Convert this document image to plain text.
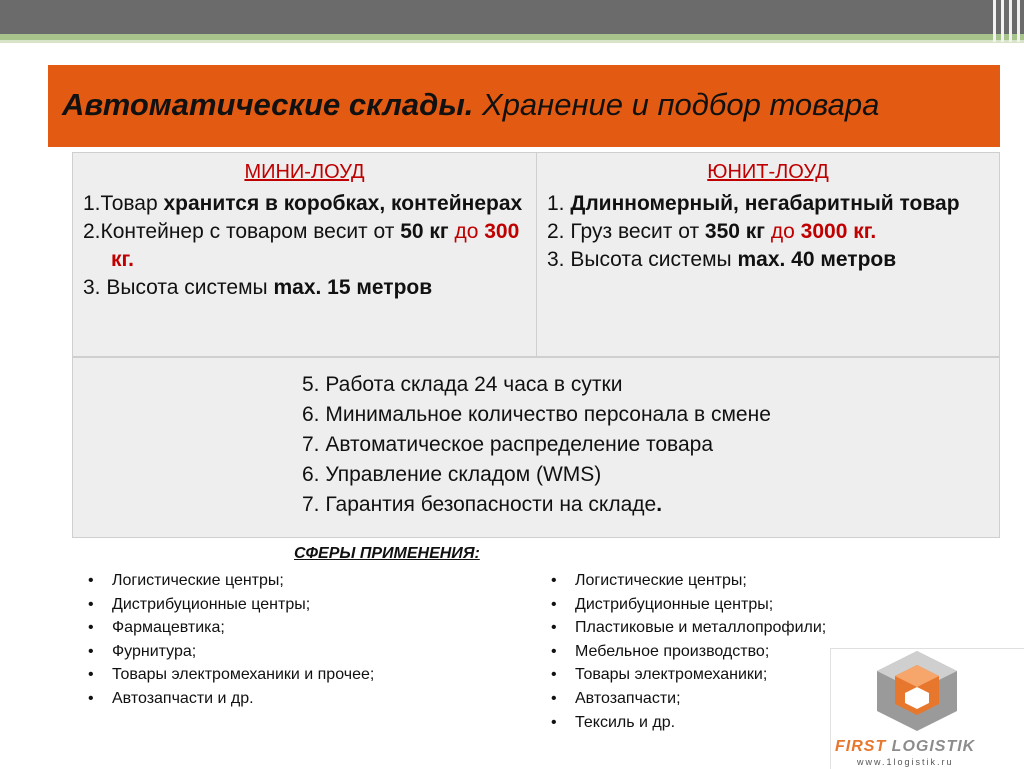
Автоматические склады. Хранение и подбор товара
МИНИ-ЛОУД
1.Товар хранится в коробках, контейнерах
2.Контейнер с товаром весит от 50 кг до 300 кг.
3. Высота системы max. 15 метров
ЮНИТ-ЛОУД
1. Длинномерный, негабаритный товар
2. Груз весит от 350 кг до 3000 кг.
3. Высота системы max. 40 метров
5. Работа склада 24 часа в сутки
6. Минимальное количество персонала в смене
7. Автоматическое распределение товара
6. Управление складом (WMS)
7. Гарантия безопасности на складе.
СФЕРЫ ПРИМЕНЕНИЯ:
• Логистические центры;
• Дистрибуционные центры;
• Фармацевтика;
• Фурнитура;
• Товары электромеханики и прочее;
• Автозапчасти и др.
• Логистические центры;
• Дистрибуционные центры;
• Пластиковые и металлопрофили;
• Мебельное производство;
• Товары электромеханики;
• Автозапчасти;
• Тексиль и др.
FIRST LOGISTIK
www.1logistik.ru
